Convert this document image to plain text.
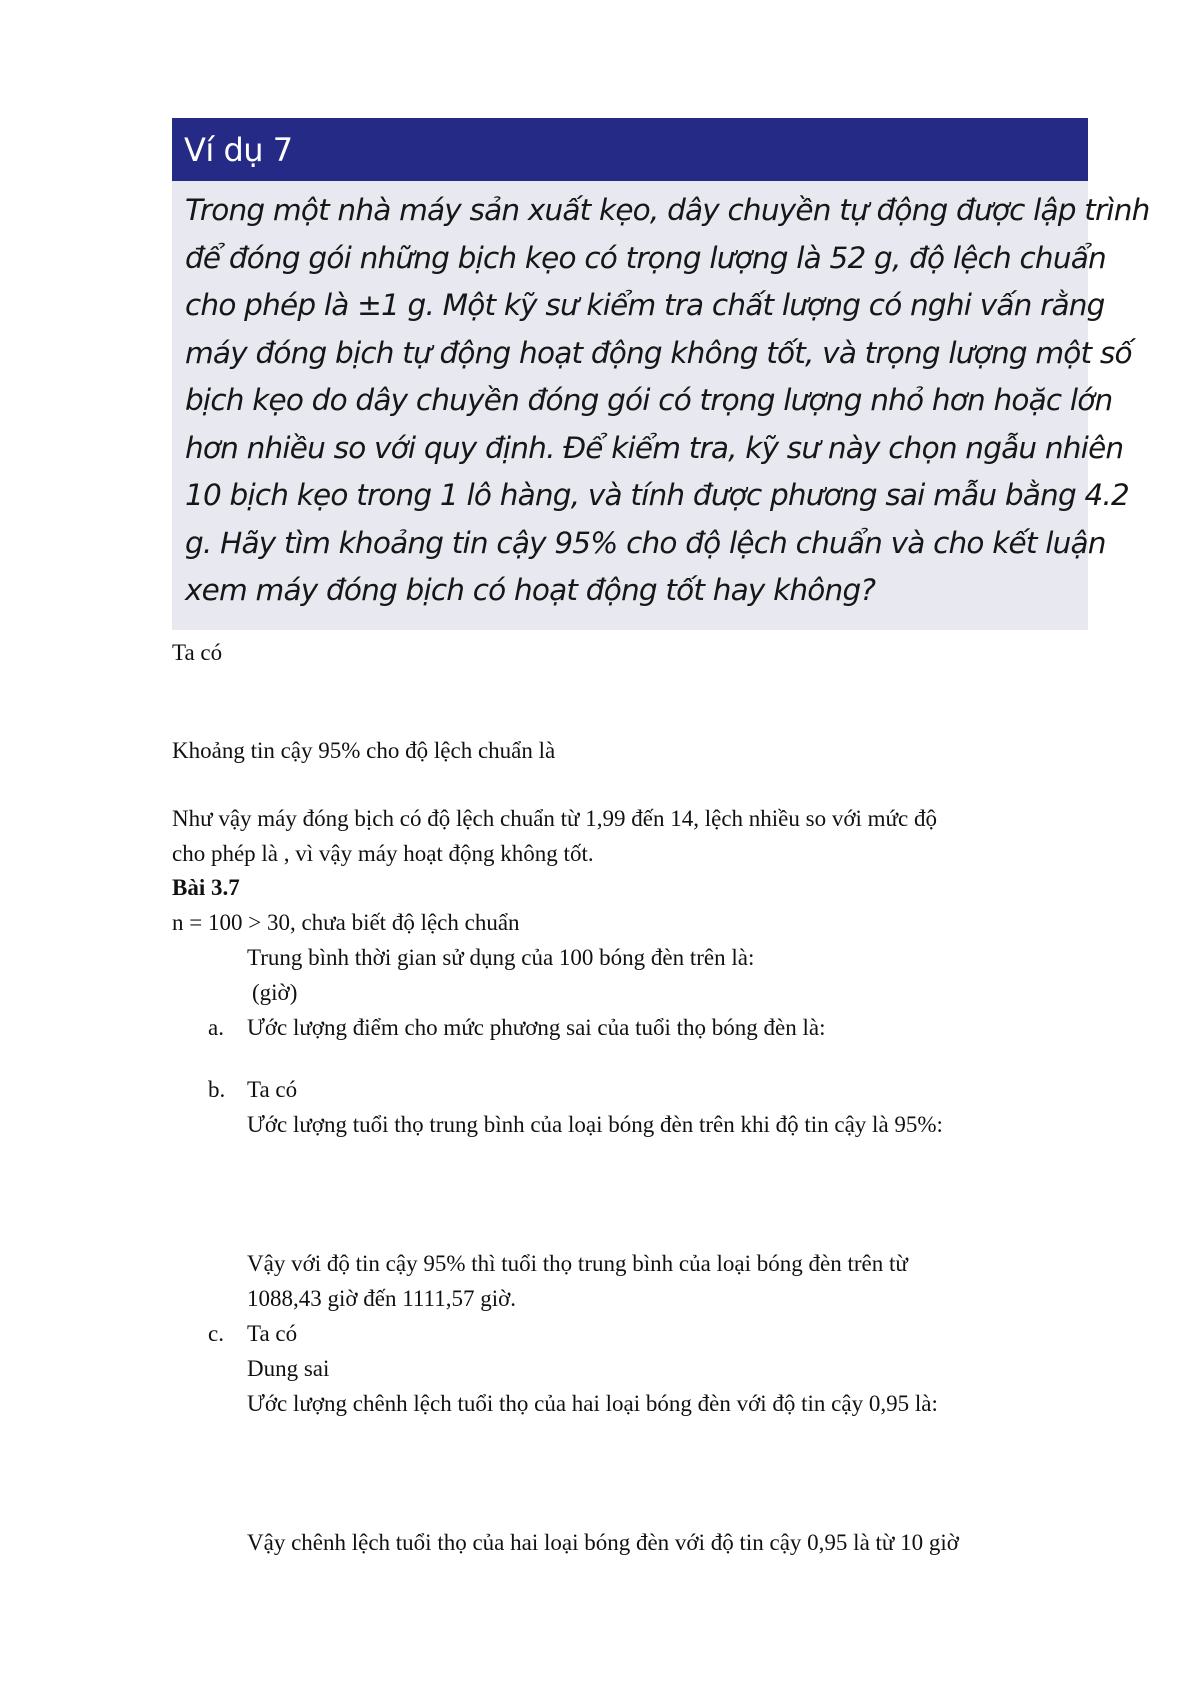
Ví dụ 7
Trong một nhà máy sản xuất kẹo, dây chuyền tự động được lập trình
để đóng gói những bịch kẹo có trọng lượng là 52 g, độ lệch chuẩn
cho phép là ±1 g. Một kỹ sư kiểm tra chất lượng có nghi vấn rằng
máy đóng bịch tự động hoạt động không tốt, và trọng lượng một số
bịch kẹo do dây chuyền đóng gói có trọng lượng nhỏ hơn hoặc lớn
hơn nhiều so với quy định. Để kiểm tra, kỹ sư này chọn ngẫu nhiên
10 bịch kẹo trong 1 lô hàng, và tính được phương sai mẫu bằng 4.2
g. Hãy tìm khoảng tin cậy 95% cho độ lệch chuẩn và cho kết luận
xem máy đóng bịch có hoạt động tốt hay không?
Ta có
Khoảng tin cậy 95% cho độ lệch chuẩn là
Như vậy máy đóng bịch có độ lệch chuẩn từ 1,99 đến 14, lệch nhiều so với mức độ
cho phép là , vì vậy máy hoạt động không tốt.
Bài 3.7
n = 100 > 30, chưa biết độ lệch chuẩn
Trung bình thời gian sử dụng của 100 bóng đèn trên là:
(giờ)
a. Ước lượng điểm cho mức phương sai của tuổi thọ bóng đèn là:
b. Ta có
Ước lượng tuổi thọ trung bình của loại bóng đèn trên khi độ tin cậy là 95%:
Vậy với độ tin cậy 95% thì tuổi thọ trung bình của loại bóng đèn trên từ
1088,43 giờ đến 1111,57 giờ.
c. Ta có
Dung sai
Ước lượng chênh lệch tuổi thọ của hai loại bóng đèn với độ tin cậy 0,95 là:
Vậy chênh lệch tuổi thọ của hai loại bóng đèn với độ tin cậy 0,95 là từ 10 giờ
